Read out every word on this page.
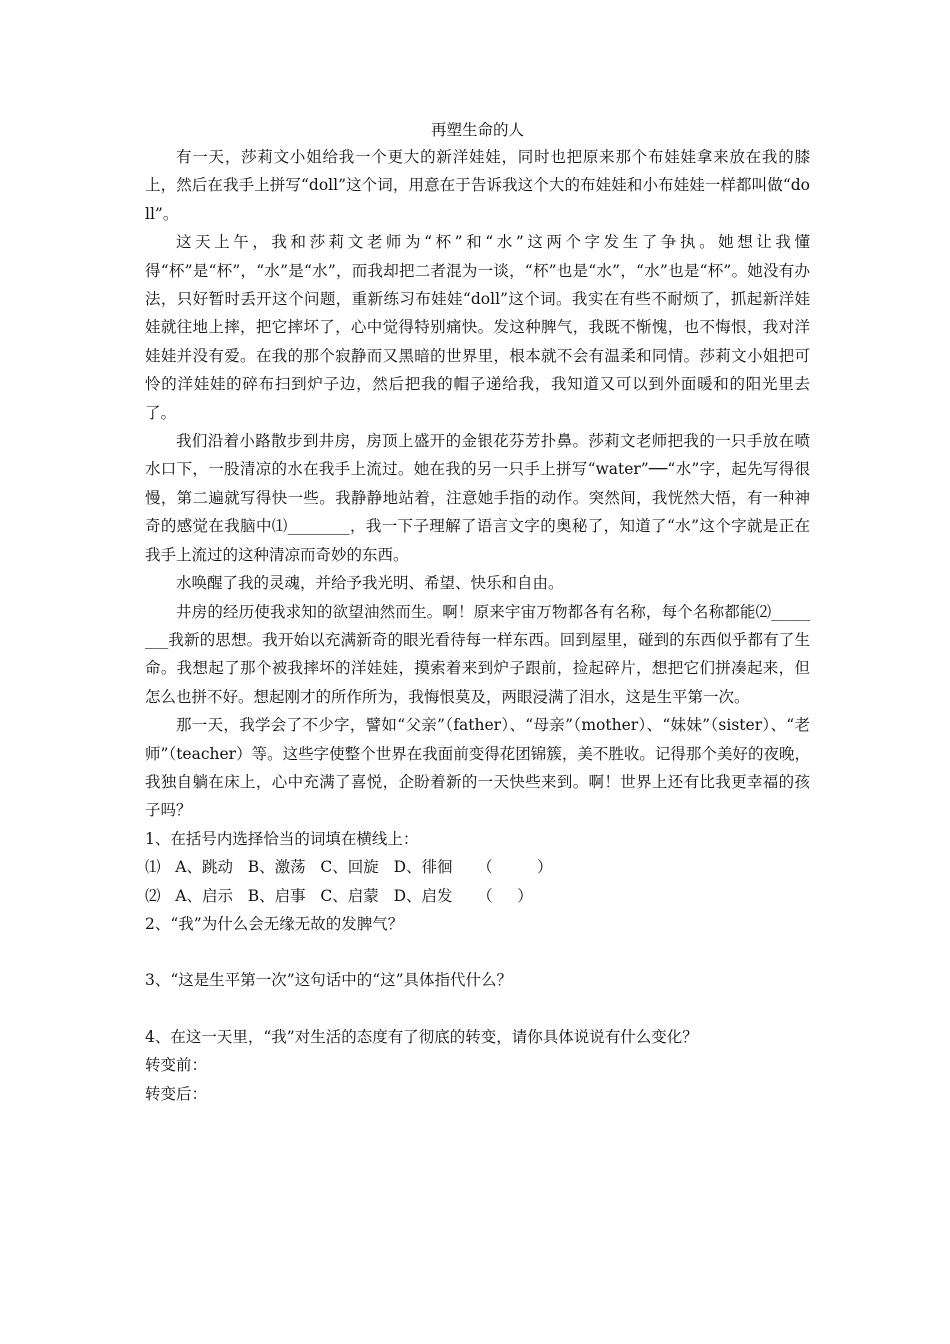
再塑生命的人

有一天，莎莉文小姐给我一个更大的新洋娃娃，同时也把原来那个布娃娃拿来放在我的膝上，然后在我手上拼写“doll”这个词，用意在于告诉我这个大的布娃娃和小布娃娃一样都叫做“doll”。

这天上午，我和莎莉文老师为“杯”和“水”这两个字发生了争执。她想让我懂得“杯”是“杯”，“水”是“水”，而我却把二者混为一谈，“杯”也是“水”，“水”也是“杯”。她没有办法，只好暂时丢开这个问题，重新练习布娃娃“doll”这个词。我实在有些不耐烦了，抓起新洋娃娃就往地上摔，把它摔坏了，心中觉得特别痛快。发这种脾气，我既不惭愧，也不悔恨，我对洋娃娃并没有爱。在我的那个寂静而又黑暗的世界里，根本就不会有温柔和同情。莎莉文小姐把可怜的洋娃娃的碎布扫到炉子边，然后把我的帽子递给我，我知道又可以到外面暖和的阳光里去了。

我们沿着小路散步到井房，房顶上盛开的金银花芬芳扑鼻。莎莉文老师把我的一只手放在喷水口下，一股清凉的水在我手上流过。她在我的另一只手上拼写“water”──“水”字，起先写得很慢，第二遍就写得快一些。我静静地站着，注意她手指的动作。突然间，我恍然大悟，有一种神奇的感觉在我脑中⑴________，我一下子理解了语言文字的奥秘了，知道了“水”这个字就是正在我手上流过的这种清凉而奇妙的东西。

水唤醒了我的灵魂，并给予我光明、希望、快乐和自由。

井房的经历使我求知的欲望油然而生。啊！原来宇宙万物都各有名称，每个名称都能⑵________我新的思想。我开始以充满新奇的眼光看待每一样东西。回到屋里，碰到的东西似乎都有了生命。我想起了那个被我摔坏的洋娃娃，摸索着来到炉子跟前，捡起碎片，想把它们拼凑起来，但怎么也拼不好。想起刚才的所作所为，我悔恨莫及，两眼浸满了泪水，这是生平第一次。

那一天，我学会了不少字，譬如“父亲”（father）、“母亲”（mother）、“妹妹”（sister）、“老师”（teacher）等。这些字使整个世界在我面前变得花团锦簇，美不胜收。记得那个美好的夜晚，我独自躺在床上，心中充满了喜悦，企盼着新的一天快些来到。啊！世界上还有比我更幸福的孩子吗？

1、在括号内选择恰当的词填在横线上：

⑴   A、跳动   B、激荡   C、回旋   D、徘徊     （         ）

⑵   A、启示   B、启事   C、启蒙   D、启发     （     ）

2、“我”为什么会无缘无故的发脾气？

3、“这是生平第一次”这句话中的“这”具体指代什么？

4、在这一天里，“我”对生活的态度有了彻底的转变，请你具体说说有什么变化？

转变前：

转变后：
